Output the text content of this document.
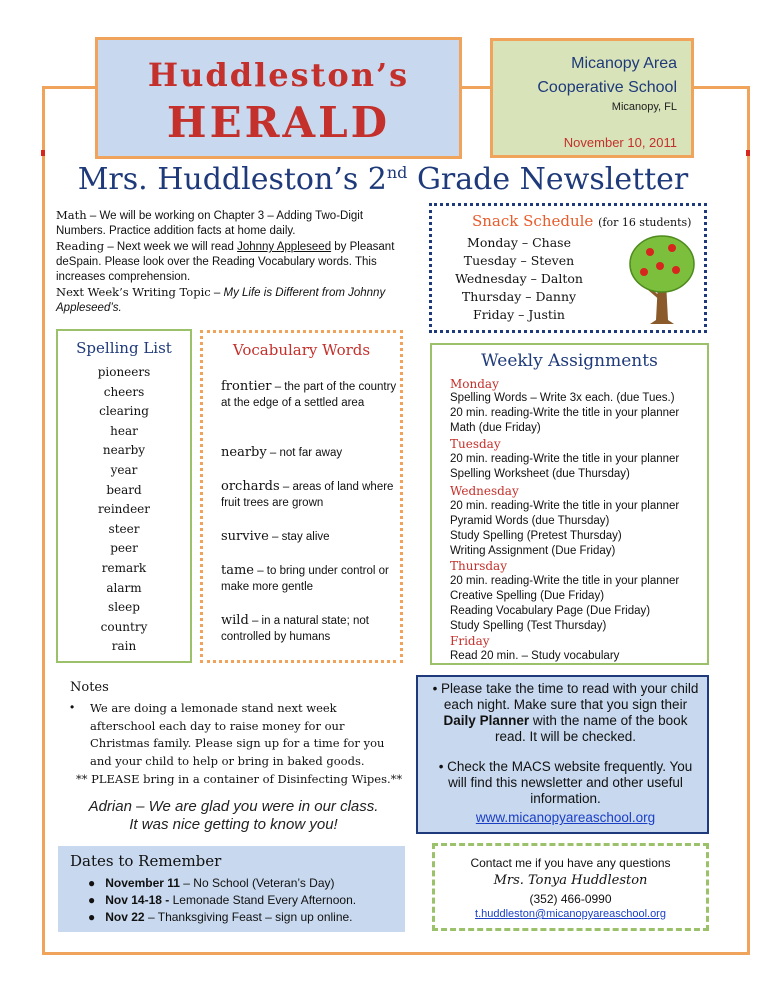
Huddleston’s
HERALD
Micanopy Area
Cooperative School
Micanopy, FL
November 10, 2011
Mrs. Huddleston’s 2nd Grade Newsletter
Math – We will be working on Chapter 3 – Adding Two-Digit Numbers. Practice addition facts at home daily.
Reading – Next week we will read Johnny Appleseed by Pleasant deSpain. Please look over the Reading Vocabulary words. This increases comprehension.
Next Week’s Writing Topic – My Life is Different from Johnny Appleseed’s.
Snack Schedule (for 16 students)
Monday – Chase
Tuesday – Steven
Wednesday – Dalton
Thursday – Danny
Friday – Justin
Spelling List
pioneers
cheers
clearing
hear
nearby
year
beard
reindeer
steer
peer
remark
alarm
sleep
country
rain
Vocabulary Words
frontier – the part of the country at the edge of a settled area
nearby – not far away
orchards – areas of land where fruit trees are grown
survive – stay alive
tame – to bring under control or make more gentle
wild – in a natural state; not controlled by humans
Weekly Assignments
Monday
Spelling Words – Write 3x each. (due Tues.)
20 min. reading-Write the title in your planner
Math (due Friday)
Tuesday
20 min. reading-Write the title in your planner
Spelling Worksheet (due Thursday)
Wednesday
20 min. reading-Write the title in your planner
Pyramid Words (due Thursday)
Study Spelling (Pretest Thursday)
Writing Assignment (Due Friday)
Thursday
20 min. reading-Write the title in your planner
Creative Spelling (Due Friday)
Reading Vocabulary Page (Due Friday)
Study Spelling (Test Thursday)
Friday
Read 20 min. – Study vocabulary
Notes
• We are doing a lemonade stand next week afterschool each day to raise money for our Christmas family. Please sign up for a time for you and your child to help or bring in baked goods.
** PLEASE bring in a container of Disinfecting Wipes.**
Adrian – We are glad you were in our class.
It was nice getting to know you!
Dates to Remember
●   November 11 – No School (Veteran’s Day)
●   Nov 14-18 - Lemonade Stand Every Afternoon.
●   Nov 22 – Thanksgiving Feast – sign up online.
• Please take the time to read with your child each night. Make sure that you sign their Daily Planner with the name of the book read. It will be checked.
• Check the MACS website frequently. You will find this newsletter and other useful information.
www.micanopyareaschool.org
Contact me if you have any questions
Mrs. Tonya Huddleston
(352) 466-0990
t.huddleston@micanopyareaschool.org
